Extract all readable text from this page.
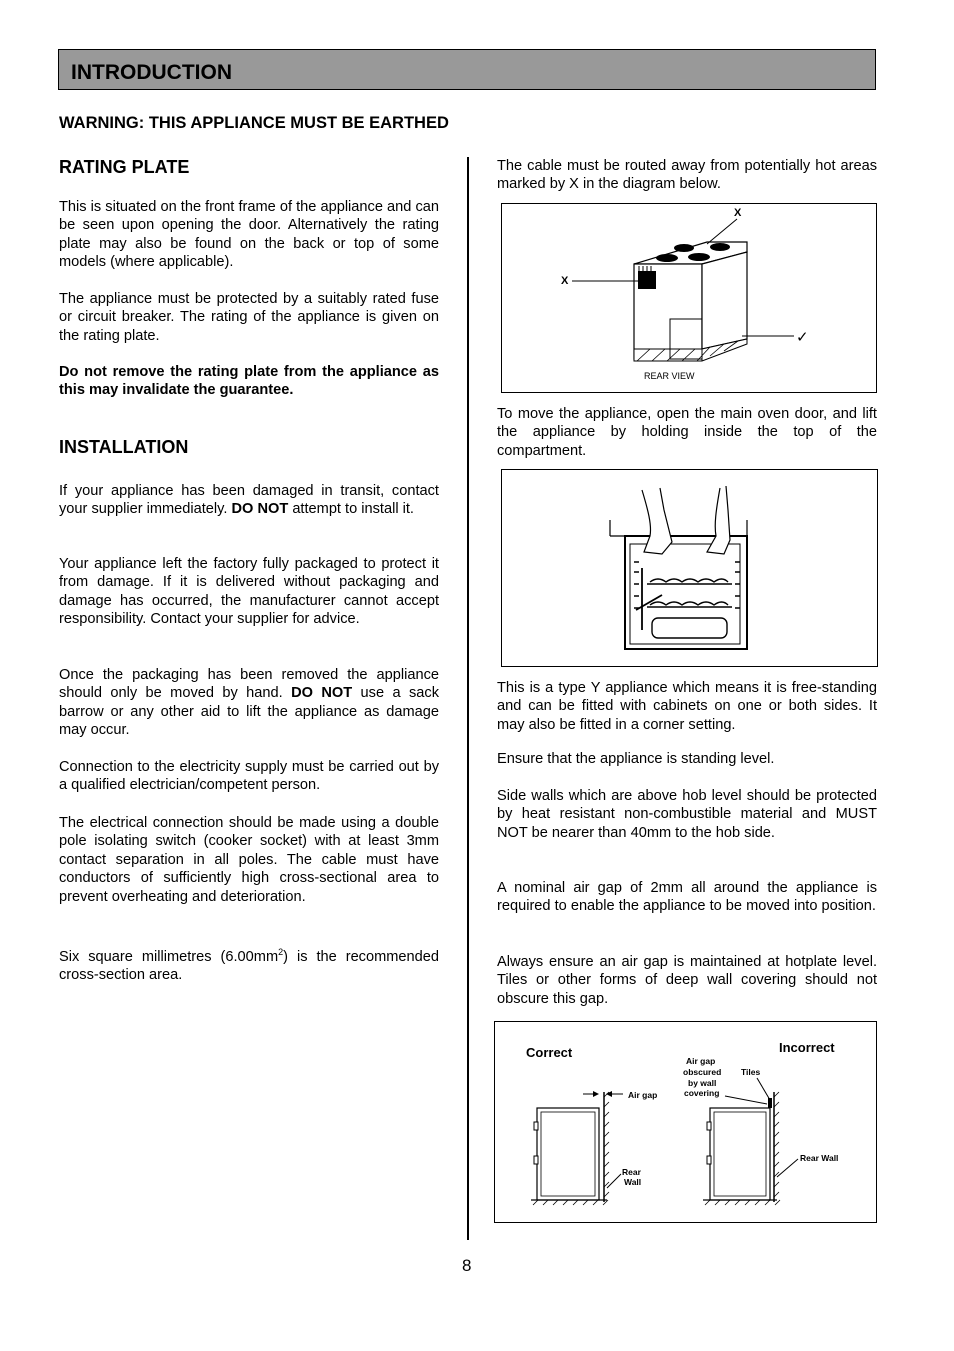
INTRODUCTION
WARNING: THIS APPLIANCE MUST BE EARTHED
RATING PLATE

This is situated on the front frame of the appliance and can be seen upon opening the door. Alternatively the rating plate may also be found on the back or top of some models (where applicable).

The appliance must be protected by a suitably rated fuse or circuit breaker. The rating of the appliance is given on the rating plate.

Do not remove the rating plate from the appliance as this may invalidate the guarantee.

INSTALLATION

If your appliance has been damaged in transit, contact your supplier immediately. DO NOT attempt to install it.

Your appliance left the factory fully packaged to protect it from damage. If it is delivered without packaging and damage has occurred, the manufacturer cannot accept responsibility. Contact your supplier for advice.

Once the packaging has been removed the appliance should only be moved by hand. DO NOT use a sack barrow or any other aid to lift the appliance as damage may occur.

Connection to the electricity supply must be carried out by a qualified electrician/competent person.

The electrical connection should be made using a double pole isolating switch (cooker socket) with at least 3mm contact separation in all poles. The cable must have conductors of sufficiently high cross-sectional area to prevent overheating and deterioration.

Six square millimetres $(6.00mm^2)$ is the recommended cross-section area.

The cable must be routed away from potentially hot areas marked by X in the diagram below.

To move the appliance, open the main oven door, and lift the appliance by holding inside the top of the compartment.

This is a type Y appliance which means it is free-standing and can be fitted with cabinets on one or both sides. It may also be fitted in a corner setting.

Ensure that the appliance is standing level.

Side walls which are above hob level should be protected by heat resistant non-combustible material and MUST NOT be nearer than 40mm to the hob side.

A nominal air gap of 2mm all around the appliance is required to enable the appliance to be moved into position.

Always ensure an air gap is maintained at hotplate level. Tiles or other forms of deep wall covering should not obscure this gap.

X
X
✓
REAR VIEW
Correct	Incorrect
Air gap
Rear
Wall
Air gap
obscured
by wall
covering
Tiles
Rear Wall
8
